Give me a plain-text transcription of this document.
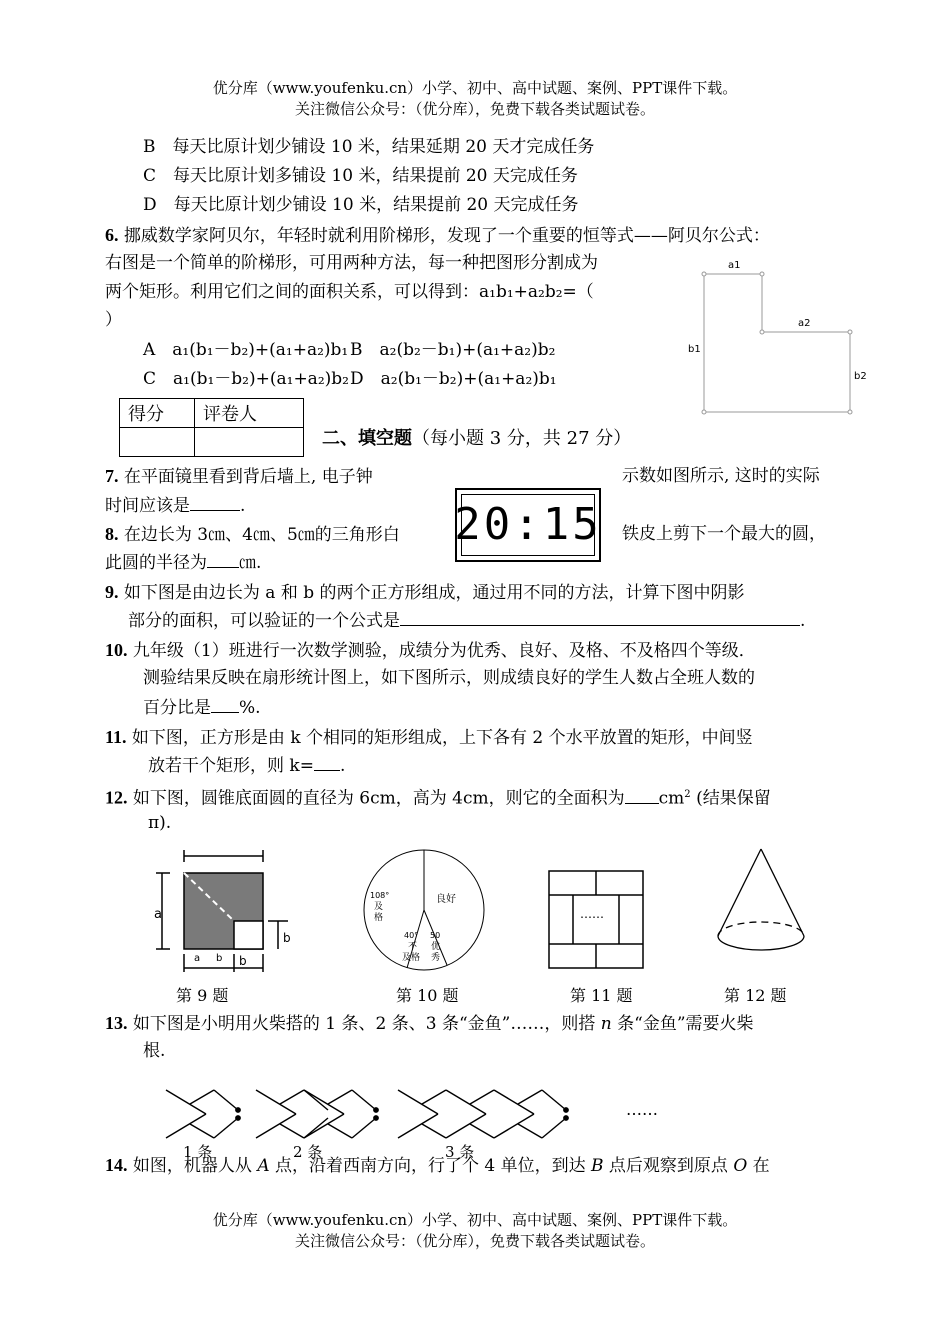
优分库（www.youfenku.cn）小学、初中、高中试题、案例、PPT课件下载。
关注微信公众号：（优分库），免费下载各类试题试卷。
B　每天比原计划少铺设 10 米，结果延期 20 天才完成任务
C　每天比原计划多铺设 10 米，结果提前 20 天完成任务
D　每天比原计划少铺设 10 米，结果提前 20 天完成任务
6. 挪威数学家阿贝尔，年轻时就利用阶梯形，发现了一个重要的恒等式——阿贝尔公式：
右图是一个简单的阶梯形，可用两种方法，每一种把图形分割成为
两个矩形。利用它们之间的面积关系，可以得到：a₁b₁+a₂b₂=（
）
A　a₁(b₁－b₂)+(a₁+a₂)b₁ B　a₂(b₂－b₁)+(a₁+a₂)b₂
C　a₁(b₁－b₂)+(a₁+a₂)b₂ D　a₂(b₁－b₂)+(a₁+a₂)b₁
a1
a2
b1
b2
得分	评卷人

二、填空题（每小题 3 分，共 27 分）
7. 在平面镜里看到背后墙上, 电子钟	示数如图所示, 这时的实际
时间应该是	.	20:15
8. 在边长为 3㎝、4㎝、5㎝的三角形白	铁皮上剪下一个最大的圆，
此圆的半径为 ㎝.
9. 如下图是由边长为 a 和 b 的两个正方形组成，通过用不同的方法，计算下图中阴影
部分的面积，可以验证的一个公式是	.
10. 九年级（1）班进行一次数学测验，成绩分为优秀、良好、及格、不及格四个等级．
测验结果反映在扇形统计图上，如下图所示，则成绩良好的学生人数占全班人数的
百分比是 %.
11. 如下图，正方形是由 k 个相同的矩形组成，上下各有 2 个水平放置的矩形，中间竖
放若干个矩形，则 k= .
12. 如下图，圆锥底面圆的直径为 6cm，高为 4cm，则它的全面积为 $cm^2$ (结果保留
π).
a
b
a b b
第 9 题
良好
108°
及
格
40°
不
及格
50
优
秀
第 10 题
……
第 11 题	第 12 题
13. 如下图是小明用火柴搭的 1 条、2 条、3 条“金鱼”……，则搭 n 条“金鱼”需要火柴
根.
1 条	2 条	3 条
……
14. 如图，机器人从 A 点，沿着西南方向，行了个 4 单位，到达 B 点后观察到原点 O 在
优分库（www.youfenku.cn）小学、初中、高中试题、案例、PPT课件下载。
关注微信公众号：（优分库），免费下载各类试题试卷。
